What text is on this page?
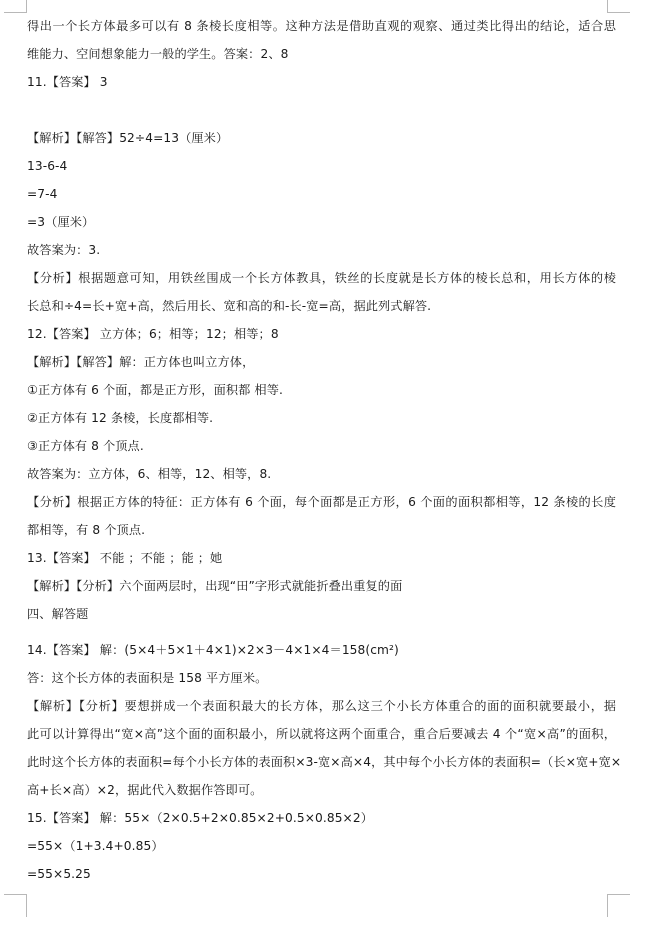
得出一个长方体最多可以有 8 条棱长度相等。这种方法是借助直观的观察、通过类比得出的结论，适合思
维能力、空间想象能力一般的学生。答案：2、8
11.【答案】 3
【解析】【解答】52÷4=13（厘米）
13-6-4
=7-4
=3（厘米）
故答案为：3.
【分析】根据题意可知，用铁丝围成一个长方体教具，铁丝的长度就是长方体的棱长总和，用长方体的棱
长总和÷4=长+宽+高，然后用长、宽和高的和-长-宽=高，据此列式解答.
12.【答案】 立方体；6；相等；12；相等；8
【解析】【解答】解：正方体也叫立方体，
①正方体有 6 个面，都是正方形，面积都 相等.
②正方体有 12 条棱，长度都相等.
③正方体有 8 个顶点.
故答案为：立方体，6、相等，12、相等，8.
【分析】根据正方体的特征：正方体有 6 个面，每个面都是正方形，6 个面的面积都相等，12 条棱的长度
都相等，有 8 个顶点.
13.【答案】 不能 ；不能 ；能 ；她
【解析】【分析】六个面两层时，出现“田”字形式就能折叠出重复的面
四、解答题
14.【答案】 解：(5×4＋5×1＋4×1)×2×3－4×1×4＝158(cm²)
答：这个长方体的表面积是 158 平方厘米。
【解析】【分析】要想拼成一个表面积最大的长方体，那么这三个小长方体重合的面的面积就要最小，据
此可以计算得出“宽×高”这个面的面积最小，所以就将这两个面重合，重合后要减去 4 个“宽×高”的面积，
此时这个长方体的表面积=每个小长方体的表面积×3-宽×高×4，其中每个小长方体的表面积=（长×宽+宽×
高+长×高）×2，据此代入数据作答即可。
15.【答案】 解：55×（2×0.5+2×0.85×2+0.5×0.85×2）
=55×（1+3.4+0.85）
=55×5.25
